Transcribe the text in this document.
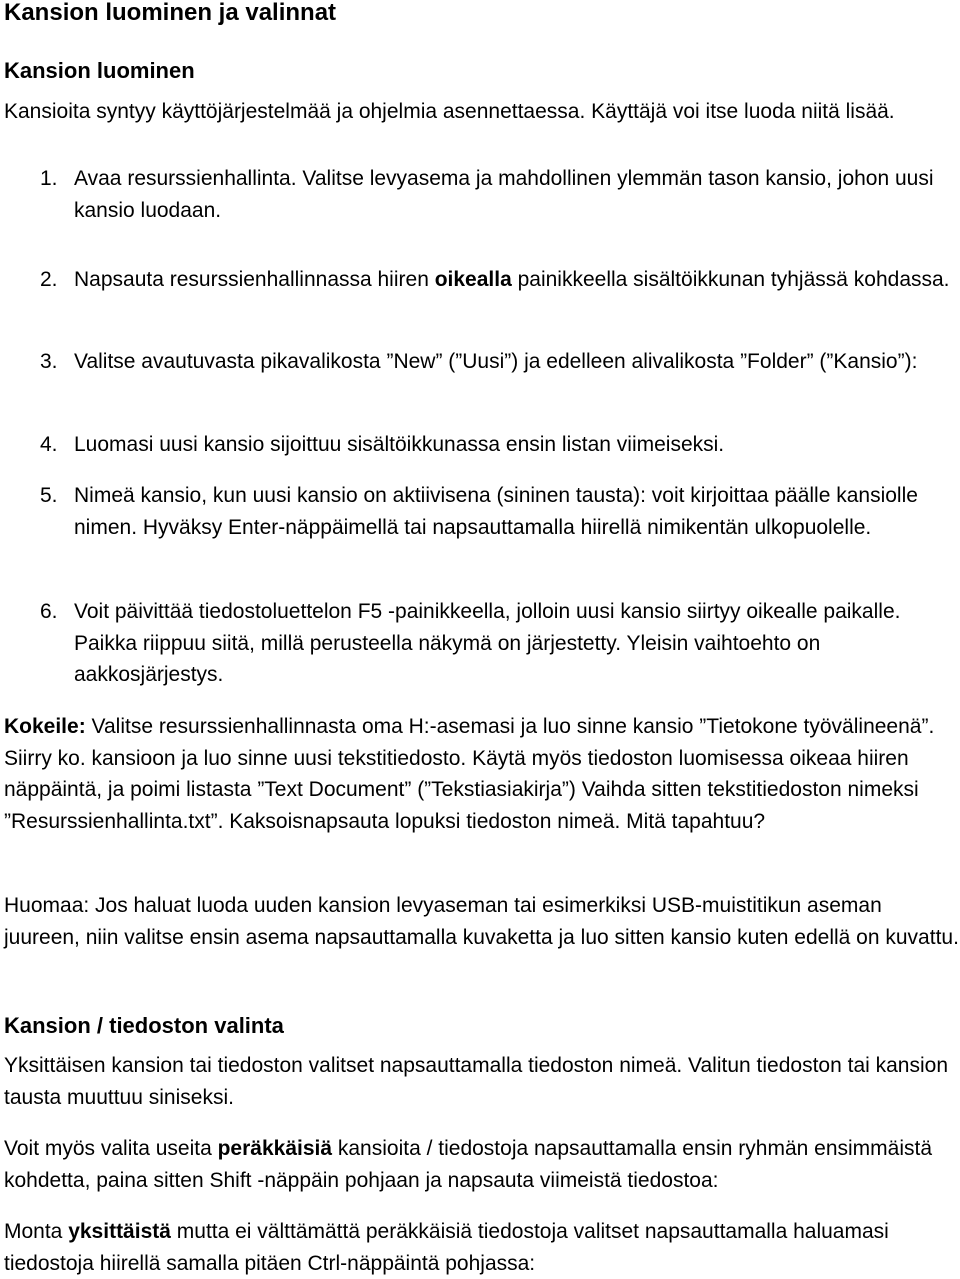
Kansion luominen ja valinnat
Kansion luominen

Kansioita syntyy käyttöjärjestelmää ja ohjelmia asennettaessa. Käyttäjä voi itse luoda niitä lisää.

1. Avaa resurssienhallinta. Valitse levyasema ja mahdollinen ylemmän tason kansio, johon uusi kansio luodaan.
2. Napsauta resurssienhallinnassa hiiren oikealla painikkeella sisältöikkunan tyhjässä kohdassa.
3. Valitse avautuvasta pikavalikosta ”New” (”Uusi”) ja edelleen alivalikosta ”Folder” (”Kansio”):
4. Luomasi uusi kansio sijoittuu sisältöikkunassa ensin listan viimeiseksi.
5. Nimeä kansio, kun uusi kansio on aktiivisena (sininen tausta): voit kirjoittaa päälle kansiolle nimen. Hyväksy Enter-näppäimellä tai napsauttamalla hiirellä nimikentän ulkopuolelle.
6. Voit päivittää tiedostoluettelon F5 -painikkeella, jolloin uusi kansio siirtyy oikealle paikalle. Paikka riippuu siitä, millä perusteella näkymä on järjestetty. Yleisin vaihtoehto on aakkosjärjestys.

Kokeile: Valitse resurssienhallinnasta oma H:-asemasi ja luo sinne kansio ”Tietokone työvälineenä”. Siirry ko. kansioon ja luo sinne uusi tekstitiedosto. Käytä myös tiedoston luomisessa oikeaa hiiren näppäintä, ja poimi listasta ”Text Document” (”Tekstiasiakirja”) Vaihda sitten tekstitiedoston nimeksi ”Resurssienhallinta.txt”. Kaksoisnapsauta lopuksi tiedoston nimeä. Mitä tapahtuu?

Huomaa: Jos haluat luoda uuden kansion levyaseman tai esimerkiksi USB-muistitikun aseman juureen, niin valitse ensin asema napsauttamalla kuvaketta ja luo sitten kansio kuten edellä on kuvattu.

Kansion / tiedoston valinta

Yksittäisen kansion tai tiedoston valitset napsauttamalla tiedoston nimeä. Valitun tiedoston tai kansion tausta muuttuu siniseksi.

Voit myös valita useita peräkkäisiä kansioita / tiedostoja napsauttamalla ensin ryhmän ensimmäistä kohdetta, paina sitten Shift -näppäin pohjaan ja napsauta viimeistä tiedostoa:

Monta yksittäistä mutta ei välttämättä peräkkäisiä tiedostoja valitset napsauttamalla haluamasi tiedostoja hiirellä samalla pitäen Ctrl-näppäintä pohjassa:
